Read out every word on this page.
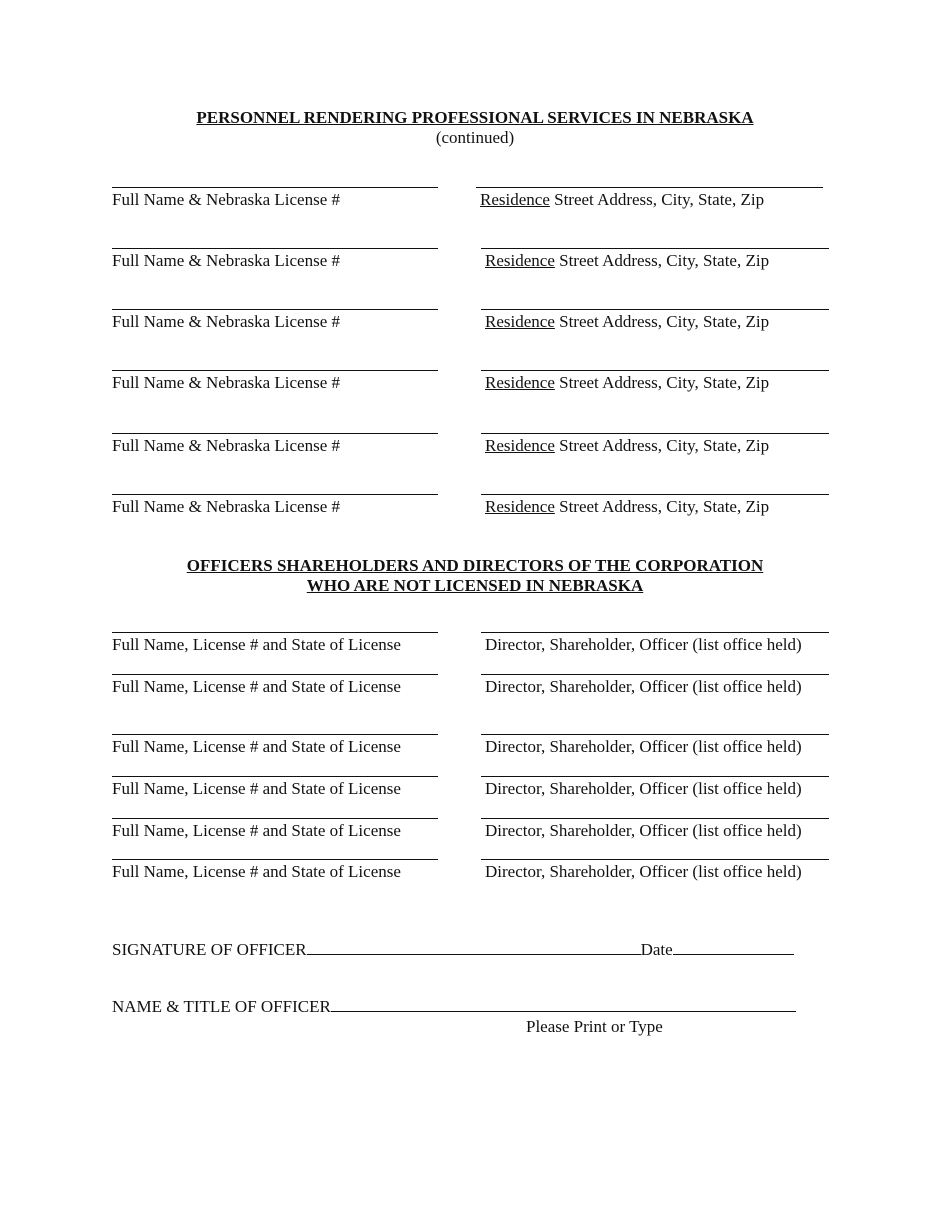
PERSONNEL RENDERING PROFESSIONAL SERVICES IN NEBRASKA
(continued)
Full Name & Nebraska License #	Residence Street Address, City, State, Zip
Full Name & Nebraska License #	Residence Street Address, City, State, Zip
Full Name & Nebraska License #	Residence Street Address, City, State, Zip
Full Name & Nebraska License #	Residence Street Address, City, State, Zip
Full Name & Nebraska License #	Residence Street Address, City, State, Zip
Full Name & Nebraska License #	Residence Street Address, City, State, Zip
OFFICERS SHAREHOLDERS AND DIRECTORS OF THE CORPORATION
WHO ARE NOT LICENSED IN NEBRASKA
Full Name, License # and State of License	Director, Shareholder, Officer (list office held)
Full Name, License # and State of License	Director, Shareholder, Officer (list office held)
Full Name, License # and State of License	Director, Shareholder, Officer (list office held)
Full Name, License # and State of License	Director, Shareholder, Officer (list office held)
Full Name, License # and State of License	Director, Shareholder, Officer (list office held)
Full Name, License # and State of License	Director, Shareholder, Officer (list office held)
SIGNATURE OF OFFICER	Date
NAME & TITLE OF OFFICER
Please Print or Type
